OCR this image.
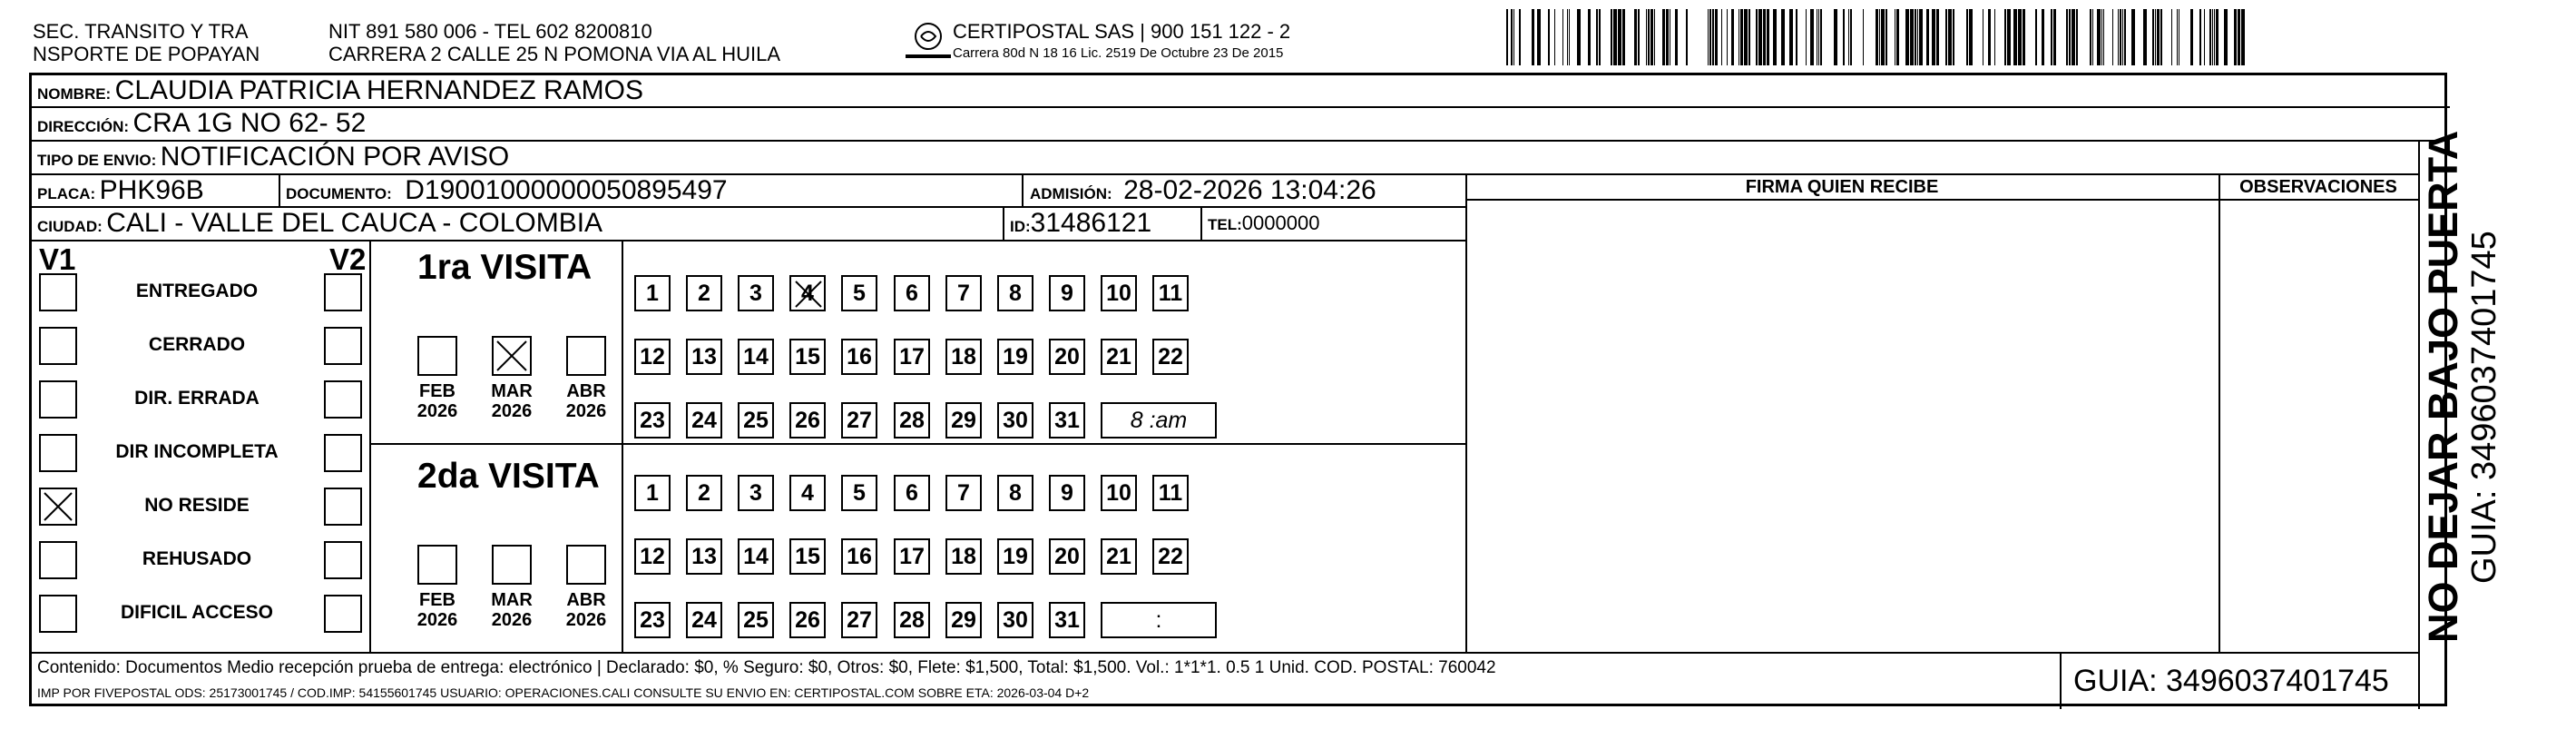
SEC. TRANSITO Y TRA
NSPORTE DE POPAYAN
NIT 891 580 006 - TEL 602 8200810
CARRERA 2 CALLE 25 N POMONA VIA AL HUILA
CERTIPOSTAL SAS | 900 151 122 - 2
Carrera 80d N 18 16 Lic. 2519 De Octubre 23 De 2015
NOMBRE: CLAUDIA PATRICIA HERNANDEZ RAMOS
DIRECCIÓN: CRA 1G NO 62- 52
TIPO DE ENVIO: NOTIFICACIÓN POR AVISO
PLACA: PHK96B	DOCUMENTO: D19001000000050895497	ADMISIÓN: 28-02-2026 13:04:26
CIUDAD: CALI - VALLE DEL CAUCA - COLOMBIA	ID:31486121	TEL:0000000
FIRMA QUIEN RECIBE	OBSERVACIONES
V1	V2
ENTREGADO
CERRADO
DIR. ERRADA
DIR INCOMPLETA
NO RESIDE
REHUSADO
DIFICIL ACCESO
1ra VISITA
FEB
2026
MAR
2026
ABR
2026
1	2	3	4	5	6	7	8	9	10 11
12 13 14 15 16 17 18 19 20 21 22
23 24 25 26 27 28 29 30 31	8 :am
2da VISITA
FEB
2026
MAR
2026
ABR
2026
1	2	3	4	5	6	7	8	9	10 11
12 13 14 15 16 17 18 19 20 21 22
23 24 25 26 27 28 29 30 31	:
Contenido: Documentos Medio recepción prueba de entrega: electrónico | Declarado: $0, % Seguro: $0, Otros: $0, Flete: $1,500, Total: $1,500. Vol.: 1*1*1. 0.5 1 Unid. COD. POSTAL: 760042
IMP POR FIVEPOSTAL ODS: 25173001745 / COD.IMP: 54155601745 USUARIO: OPERACIONES.CALI CONSULTE SU ENVIO EN: CERTIPOSTAL.COM SOBRE ETA: 2026-03-04 D+2	GUIA: 3496037401745
NO DEJAR BAJO PUERTA GUIA: 3496037401745
